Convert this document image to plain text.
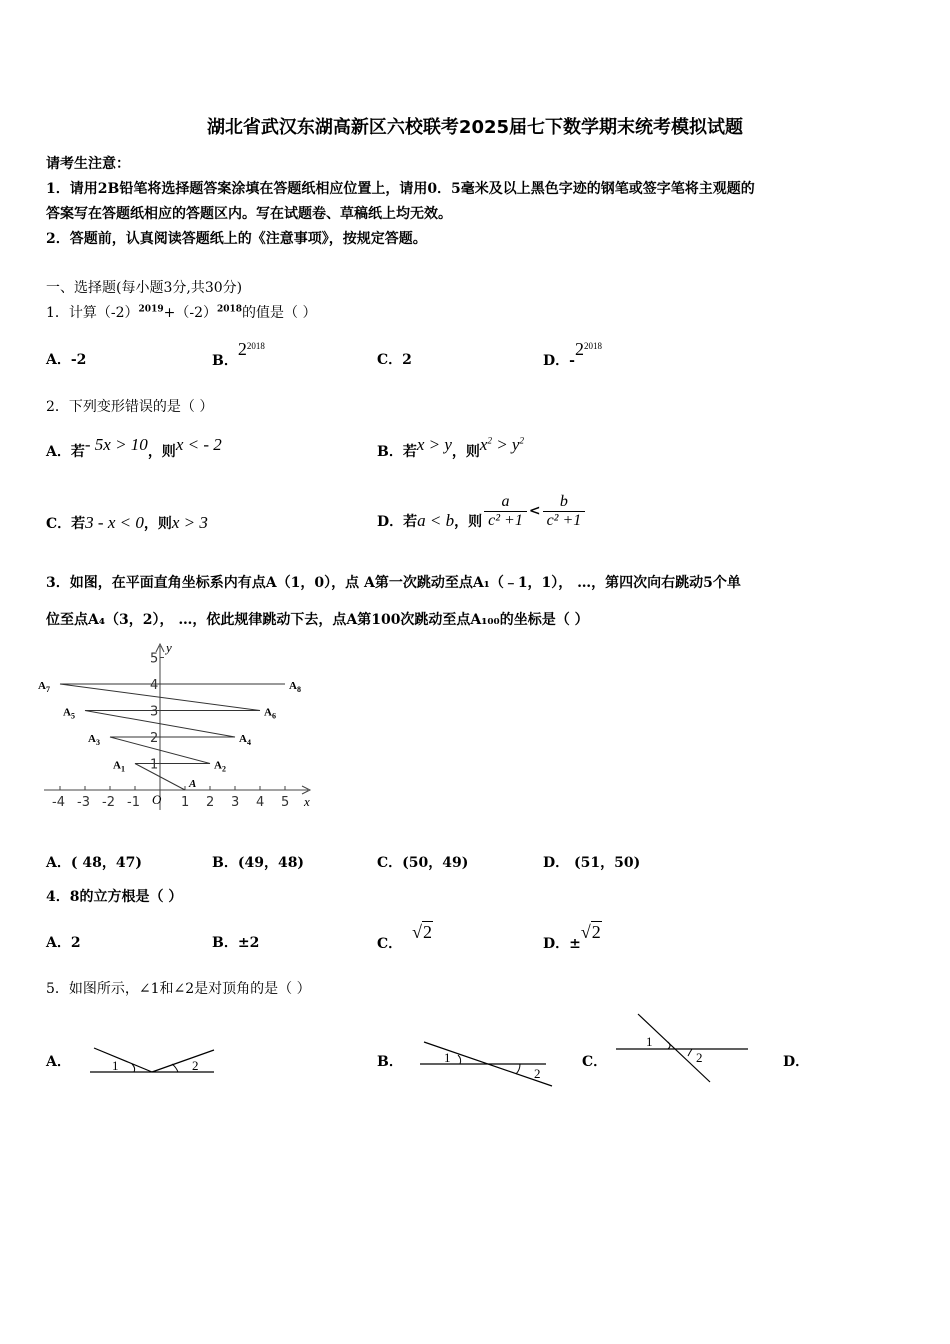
湖北省武汉东湖高新区六校联考2025届七下数学期末统考模拟试题
请考生注意：
1．请用2B铅笔将选择题答案涂填在答题纸相应位置上，请用0．5毫米及以上黑色字迹的钢笔或签字笔将主观题的
答案写在答题纸相应的答题区内。写在试题卷、草稿纸上均无效。
2．答题前，认真阅读答题纸上的《注意事项》，按规定答题。
一、选择题(每小题3分,共30分)
1．计算$(-2)^{2019}+(-2)^{2018}$的值是（ ）
A．-2	B．$2^{2018}$
C．2	D．$-2^{2018}$
2．下列变形错误的是（ ）
A．若- 5x > 10，则x < - 2	B．若x > y，则$x^2 > y^2$
C．若3 - x < 0，则x > 3	D．若 a < b ，则 $\frac{a}{\text{c² +1}} < \frac{b}{\text{c² +1}}$
3．如图，在平面直角坐标系内有点A（1，0），点 A第一次跳动至点A₁（﹣1，1）， …，第四次向右跳动5个单
位至点A₄（3，2）， …，依此规律跳动下去，点A第100次跳动至点A₁₀₀的坐标是（ ）
y
x
O
-4 -3 -2 -1	1 2 3 4 5
1
2
3
4
5
A
$A_1$	$A_2$
$A_3$	$A_4$
$A_5$	$A_6$
$A_7$	$A_8$
A．( 48，47)	B．(49，48)	C．(50，49)	D． (51，50)
4．8的立方根是（ ）
A．2	B．±2	C．√2
D．±√2
5．如图所示，∠1和∠2是对顶角的是（ ）
A．	1	2	B．	1
2
C．
1
2	D．
